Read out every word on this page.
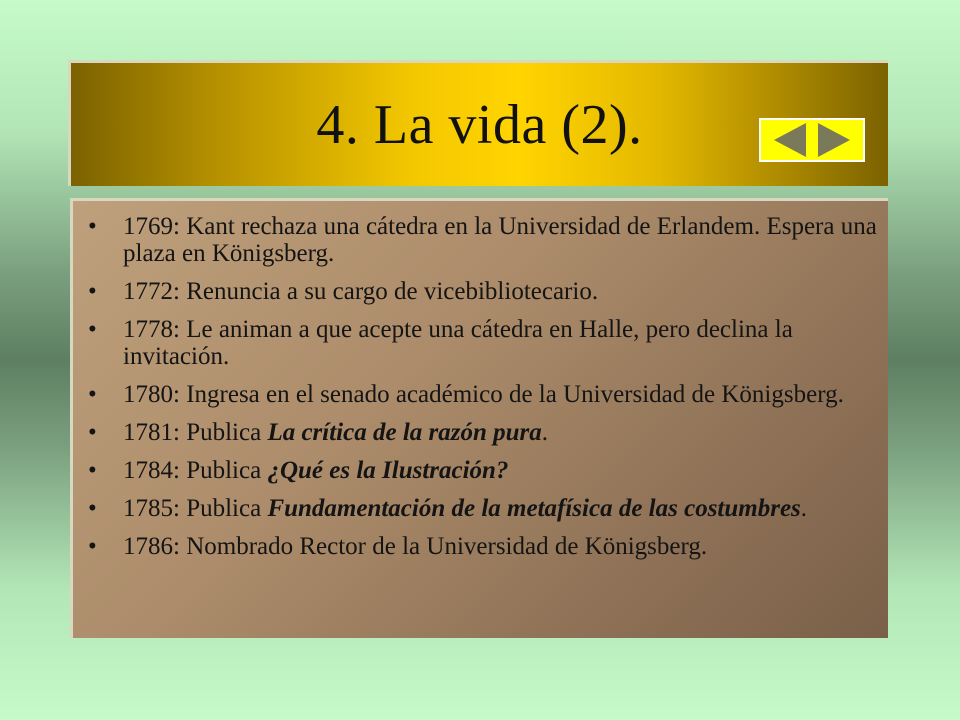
4. La vida (2).
• 1769: Kant rechaza una cátedra en la Universidad de Erlandem. Espera una plaza en Königsberg.
• 1772: Renuncia a su cargo de vicebibliotecario.
• 1778: Le animan a que acepte una cátedra en Halle, pero declina la invitación.
• 1780: Ingresa en el senado académico de la Universidad de Königsberg.
• 1781: Publica La crítica de la razón pura.
• 1784: Publica ¿Qué es la Ilustración?
• 1785: Publica Fundamentación de la metafísica de las costumbres.
• 1786: Nombrado Rector de la Universidad de Königsberg.
